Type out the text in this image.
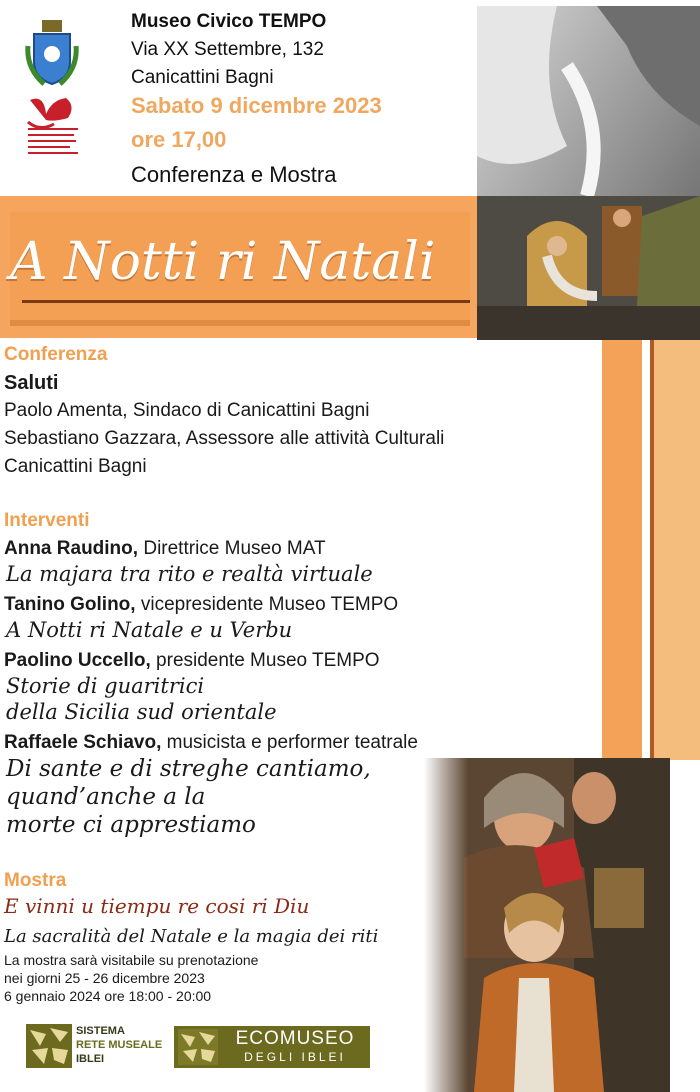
Museo Civico TEMPO
Via XX Settembre, 132
Canicattini Bagni
Sabato 9 dicembre 2023
ore 17,00
Conferenza e Mostra
A Notti ri Natali
Conferenza
Saluti
Paolo Amenta, Sindaco di Canicattini Bagni
Sebastiano Gazzara, Assessore alle attività Culturali
Canicattini Bagni
Interventi
Anna Raudino, Direttrice Museo MAT
La majara tra rito e realtà virtuale
Tanino Golino, vicepresidente Museo TEMPO
A Notti ri Natale e u Verbu
Paolino Uccello, presidente Museo TEMPO
Storie di guaritrici
della Sicilia sud orientale
Raffaele Schiavo, musicista e performer teatrale
Di sante e di streghe cantiamo,
quand’anche a la
morte ci apprestiamo
Mostra
E vinni u tiempu re cosi ri Diu
La sacralità del Natale e la magia dei riti
La mostra sarà visitabile su prenotazione
nei giorni 25 - 26 dicembre 2023
6 gennaio 2024 ore 18:00 - 20:00
SISTEMA
RETE MUSEALE
IBLEI
ECOMUSEO
DEGLI IBLEI
